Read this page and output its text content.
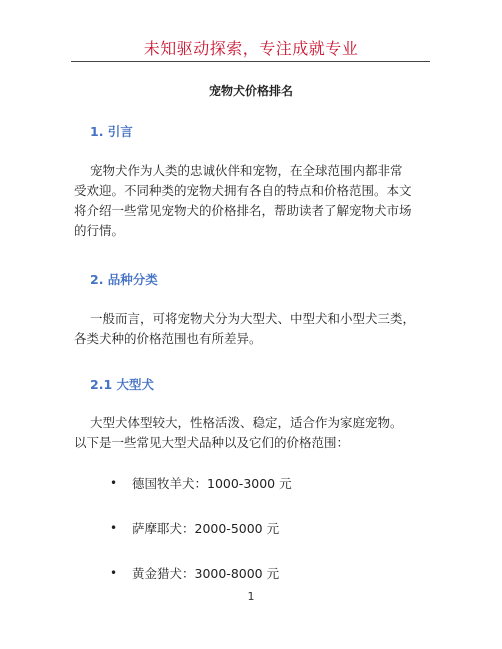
未知驱动探索，专注成就专业
宠物犬价格排名
1. 引言
宠物犬作为人类的忠诚伙伴和宠物，在全球范围内都非常
受欢迎。不同种类的宠物犬拥有各自的特点和价格范围。本文
将介绍一些常见宠物犬的价格排名，帮助读者了解宠物犬市场
的行情。
2. 品种分类
一般而言，可将宠物犬分为大型犬、中型犬和小型犬三类，
各类犬种的价格范围也有所差异。
2.1 大型犬
大型犬体型较大，性格活泼、稳定，适合作为家庭宠物。
以下是一些常见大型犬品种以及它们的价格范围：
• 德国牧羊犬：1000-3000 元
• 萨摩耶犬：2000-5000 元
• 黄金猎犬：3000-8000 元
1
